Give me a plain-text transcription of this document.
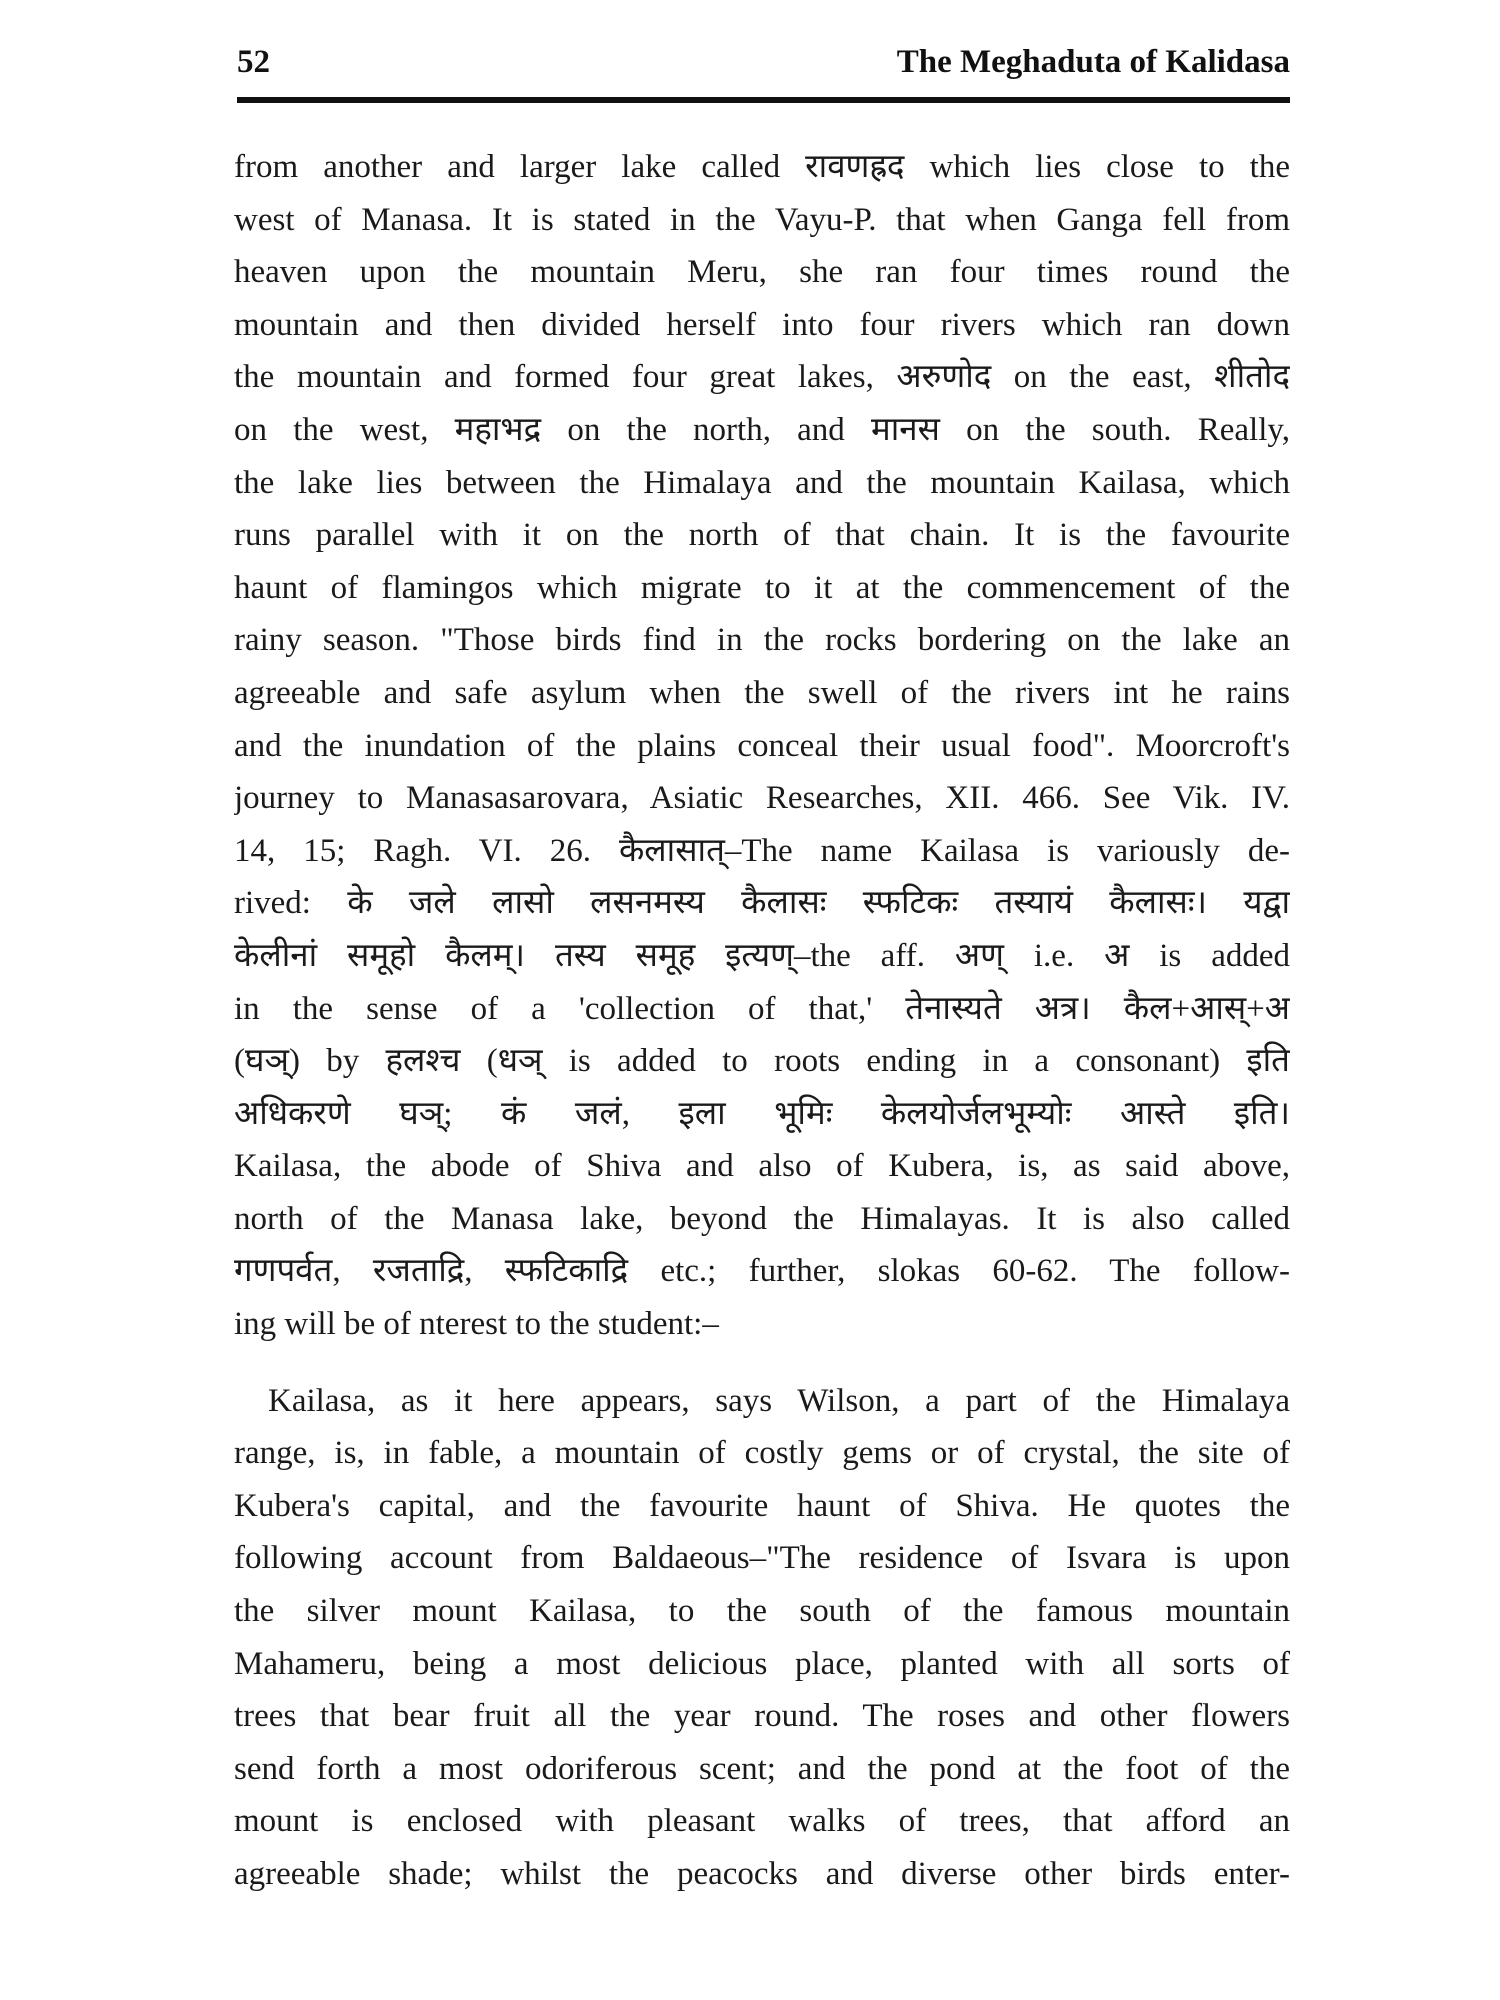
52	The Meghaduta of Kalidasa
from another and larger lake called रावणह्रद which lies close to the
west of Manasa. It is stated in the Vayu-P. that when Ganga fell from
heaven upon the mountain Meru, she ran four times round the
mountain and then divided herself into four rivers which ran down
the mountain and formed four great lakes, अरुणोद on the east, शीतोद
on the west, महाभद्र on the north, and मानस on the south. Really,
the lake lies between the Himalaya and the mountain Kailasa, which
runs parallel with it on the north of that chain. It is the favourite
haunt of flamingos which migrate to it at the commencement of the
rainy season. "Those birds find in the rocks bordering on the lake an
agreeable and safe asylum when the swell of the rivers int he rains
and the inundation of the plains conceal their usual food". Moorcroft's
journey to Manasasarovara, Asiatic Researches, XII. 466. See Vik. IV.
14, 15; Ragh. VI. 26. कैलासात्–The name Kailasa is variously de-
rived: के जले लासो लसनमस्य कैलासः स्फटिकः तस्यायं कैलासः। यद्वा
केलीनां समूहो कैलम्। तस्य समूह इत्यण्–the aff. अण् i.e. अ is added
in the sense of a 'collection of that,' तेनास्यते अत्र। कैल+आस्+अ
(घञ्) by हलश्च (धञ् is added to roots ending in a consonant) इति
अधिकरणे घञ्; कं जलं, इला भूमिः केलयोर्जलभूम्योः आस्ते इति।
Kailasa, the abode of Shiva and also of Kubera, is, as said above,
north of the Manasa lake, beyond the Himalayas. It is also called
गणपर्वत, रजताद्रि, स्फटिकाद्रि etc.; further, slokas 60-62. The follow-
ing will be of nterest to the student:–
Kailasa, as it here appears, says Wilson, a part of the Himalaya
range, is, in fable, a mountain of costly gems or of crystal, the site of
Kubera's capital, and the favourite haunt of Shiva. He quotes the
following account from Baldaeous–"The residence of Isvara is upon
the silver mount Kailasa, to the south of the famous mountain
Mahameru, being a most delicious place, planted with all sorts of
trees that bear fruit all the year round. The roses and other flowers
send forth a most odoriferous scent; and the pond at the foot of the
mount is enclosed with pleasant walks of trees, that afford an
agreeable shade; whilst the peacocks and diverse other birds enter-
